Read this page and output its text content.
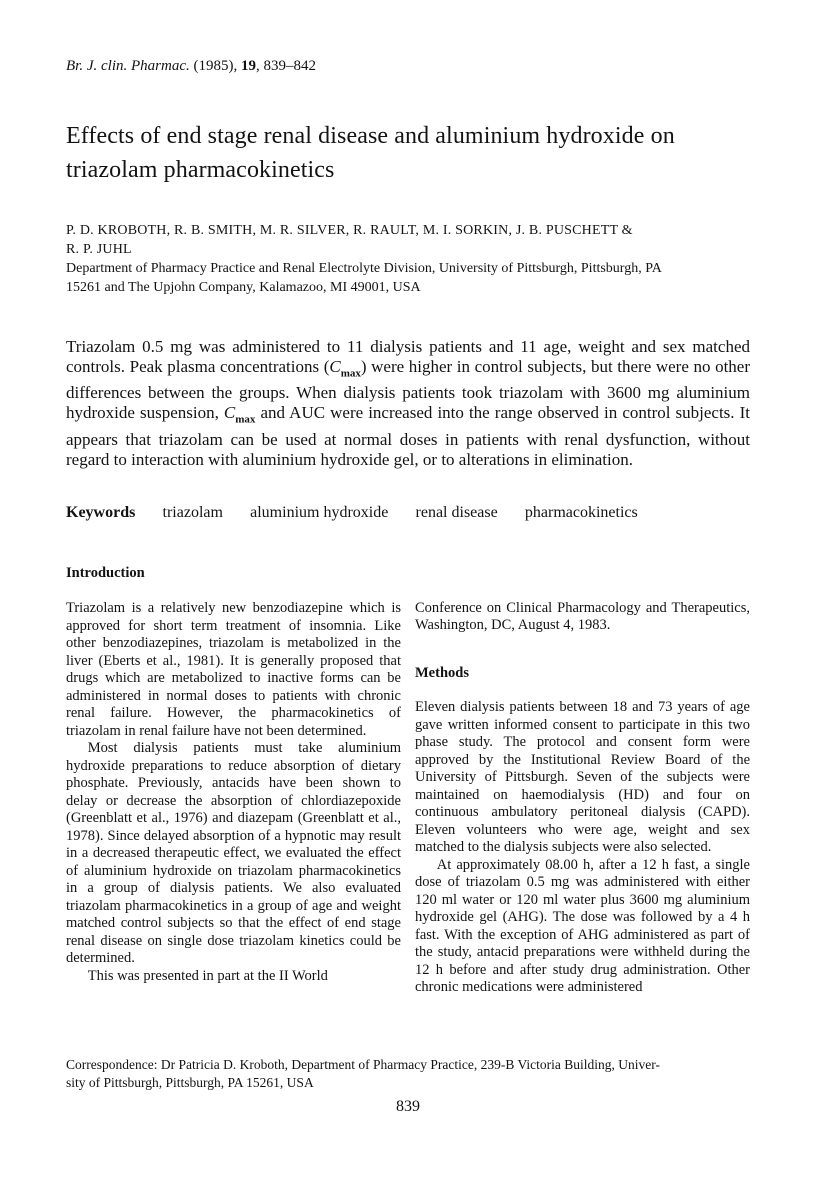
Br. J. clin. Pharmac. (1985), 19, 839–842
Effects of end stage renal disease and aluminium hydroxide on triazolam pharmacokinetics
P. D. KROBOTH, R. B. SMITH, M. R. SILVER, R. RAULT, M. I. SORKIN, J. B. PUSCHETT &
R. P. JUHL
Department of Pharmacy Practice and Renal Electrolyte Division, University of Pittsburgh, Pittsburgh, PA
15261 and The Upjohn Company, Kalamazoo, MI 49001, USA

Triazolam 0.5 mg was administered to 11 dialysis patients and 11 age, weight and sex matched controls. Peak plasma concentrations $(C_{max})$ were higher in control subjects, but there were no other differences between the groups. When dialysis patients took triazolam with 3600 mg aluminium hydroxide suspension, $C_{max}$ and AUC were increased into the range observed in control subjects. It appears that triazolam can be used at normal doses in patients with renal dysfunction, without regard to interaction with aluminium hydroxide gel, or to alterations in elimination.

Keywords triazolam aluminium hydroxide renal disease pharmacokinetics
Introduction

Triazolam is a relatively new benzodiazepine which is approved for short term treatment of insomnia. Like other benzodiazepines, triazolam is metabolized in the liver (Eberts et al., 1981). It is generally proposed that drugs which are metabolized to inactive forms can be administered in normal doses to patients with chronic renal failure. However, the pharmacokinetics of triazolam in renal failure have not been determined.

Most dialysis patients must take aluminium hydroxide preparations to reduce absorption of dietary phosphate. Previously, antacids have been shown to delay or decrease the absorption of chlordiazepoxide (Greenblatt et al., 1976) and diazepam (Greenblatt et al., 1978). Since delayed absorption of a hypnotic may result in a decreased therapeutic effect, we evaluated the effect of aluminium hydroxide on triazolam pharmacokinetics in a group of dialysis patients. We also evaluated triazolam pharmacokinetics in a group of age and weight matched control subjects so that the effect of end stage renal disease on single dose triazolam kinetics could be determined.

This was presented in part at the II World

Conference on Clinical Pharmacology and Therapeutics, Washington, DC, August 4, 1983.

Methods

Eleven dialysis patients between 18 and 73 years of age gave written informed consent to participate in this two phase study. The protocol and consent form were approved by the Institutional Review Board of the University of Pittsburgh. Seven of the subjects were maintained on haemodialysis (HD) and four on continuous ambulatory peritoneal dialysis (CAPD). Eleven volunteers who were age, weight and sex matched to the dialysis subjects were also selected.

At approximately 08.00 h, after a 12 h fast, a single dose of triazolam 0.5 mg was administered with either 120 ml water or 120 ml water plus 3600 mg aluminium hydroxide gel (AHG). The dose was followed by a 4 h fast. With the exception of AHG administered as part of the study, antacid preparations were withheld during the 12 h before and after study drug administration. Other chronic medications were administered

Correspondence: Dr Patricia D. Kroboth, Department of Pharmacy Practice, 239-B Victoria Building, Univer-
sity of Pittsburgh, Pittsburgh, PA 15261, USA
839
